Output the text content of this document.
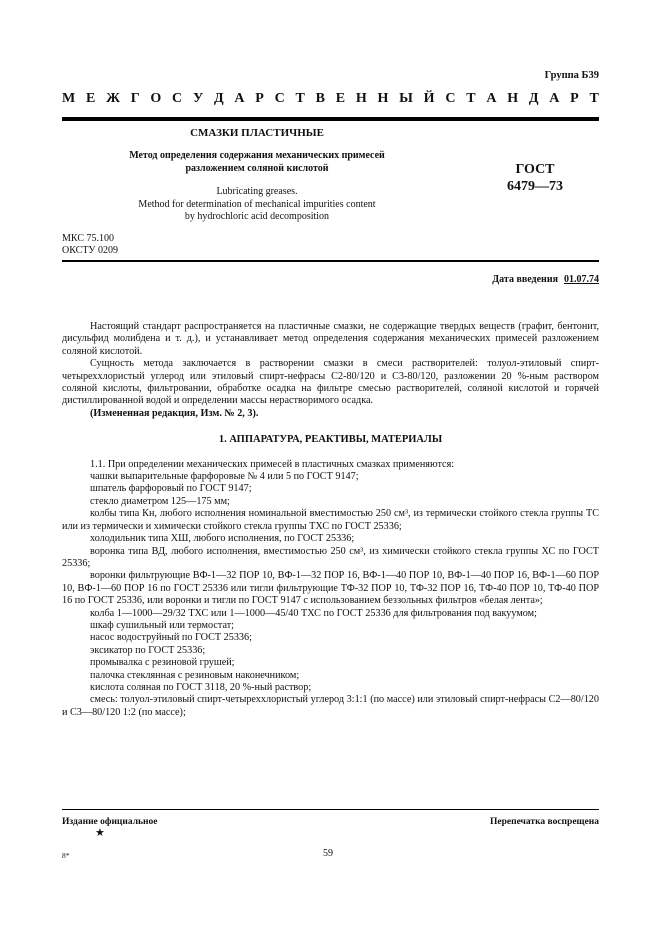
Группа Б39
М Е Ж Г О С У Д А Р С Т В Е Н Н Ы Й С Т А Н Д А Р Т
СМАЗКИ ПЛАСТИЧНЫЕ
Метод определения содержания механических примесей
разложением соляной кислотой
Lubricating greases.
Method for determination of mechanical impurities content
by hydrochloric acid decomposition
ГОСТ
6479—73
МКС 75.100
ОКСТУ 0209
Дата введения 01.07.74

Настоящий стандарт распространяется на пластичные смазки, не содержащие твердых веществ (графит, бентонит, дисульфид молибдена и т. д.), и устанавливает метод определения содержания механических примесей разложением соляной кислотой.

Сущность метода заключается в растворении смазки в смеси растворителей: толуол-этиловый спирт-четыреххлористый углерод или этиловый спирт-нефрасы С2-80/120 и С3-80/120, разложении 20 %-ным раствором соляной кислоты, фильтровании, обработке осадка на фильтре смесью растворителей, соляной кислотой и горячей дистиллированной водой и определении массы нерастворимого осадка.

(Измененная редакция, Изм. № 2, 3).

1. АППАРАТУРА, РЕАКТИВЫ, МАТЕРИАЛЫ

1.1. При определении механических примесей в пластичных смазках применяются:

чашки выпарительные фарфоровые № 4 или 5 по ГОСТ 9147;

шпатель фарфоровый по ГОСТ 9147;

стекло диаметром 125—175 мм;

колбы типа Кн, любого исполнения номинальной вместимостью 250 см³, из термически стойкого стекла группы ТС или из термически и химически стойкого стекла группы ТХС по ГОСТ 25336;

холодильник типа ХШ, любого исполнения, по ГОСТ 25336;

воронка типа ВД, любого исполнения, вместимостью 250 см³, из химически стойкого стекла группы ХС по ГОСТ 25336;

воронки фильтрующие ВФ-1—32 ПОР 10, ВФ-1—32 ПОР 16, ВФ-1—40 ПОР 10, ВФ-1—40 ПОР 16, ВФ-1—60 ПОР 10, ВФ-1—60 ПОР 16 по ГОСТ 25336 или тигли фильтрующие ТФ-32 ПОР 10, ТФ-32 ПОР 16, ТФ-40 ПОР 10, ТФ-40 ПОР 16 по ГОСТ 25336, или воронки и тигли по ГОСТ 9147 с использованием беззольных фильтров «белая лента»;

колба 1—1000—29/32 ТХС или 1—1000—45/40 ТХС по ГОСТ 25336 для фильтрования под вакуумом;

шкаф сушильный или термостат;

насос водоструйный по ГОСТ 25336;

эксикатор по ГОСТ 25336;

промывалка с резиновой грушей;

палочка стеклянная с резиновым наконечником;

кислота соляная по ГОСТ 3118, 20 %-ный раствор;

смесь: толуол-этиловый спирт-четыреххлористый углерод 3:1:1 (по массе) или этиловый спирт-нефрасы С2—80/120 и С3—80/120 1:2 (по массе);

Издание официальное	Перепечатка воспрещена
★
8*	59
